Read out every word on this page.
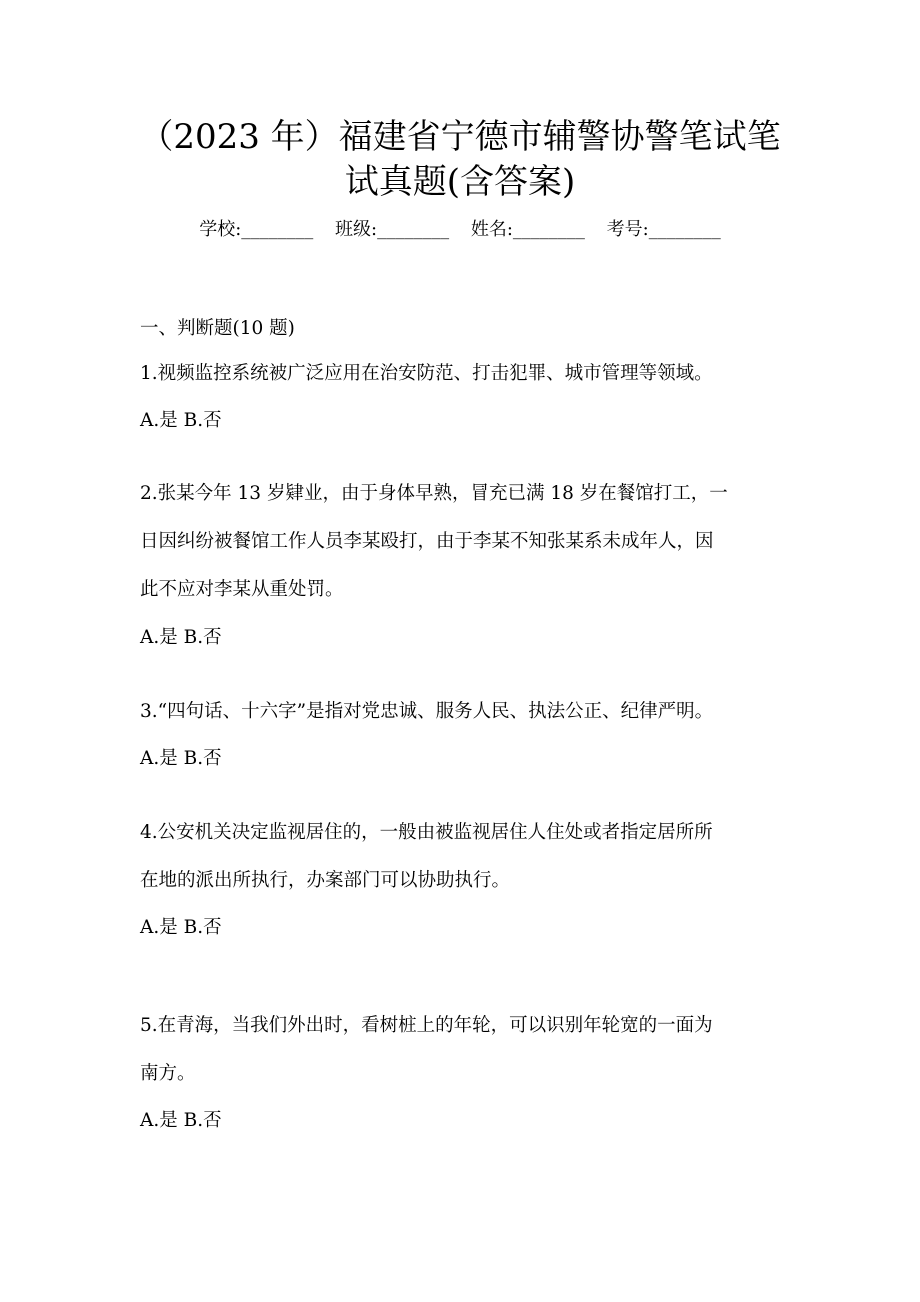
（2023 年）福建省宁德市辅警协警笔试笔
试真题(含答案)
学校:________ 班级:________ 姓名:________ 考号:________
一、判断题(10 题)
1.视频监控系统被广泛应用在治安防范、打击犯罪、城市管理等领域。
A.是 B.否
2.张某今年 13 岁肄业，由于身体早熟，冒充已满 18 岁在餐馆打工，一
日因纠纷被餐馆工作人员李某殴打，由于李某不知张某系未成年人，因
此不应对李某从重处罚。
A.是 B.否
3.“四句话、十六字”是指对党忠诚、服务人民、执法公正、纪律严明。
A.是 B.否
4.公安机关决定监视居住的，一般由被监视居住人住处或者指定居所所
在地的派出所执行，办案部门可以协助执行。
A.是 B.否
5.在青海，当我们外出时，看树桩上的年轮，可以识别年轮宽的一面为
南方。
A.是 B.否
